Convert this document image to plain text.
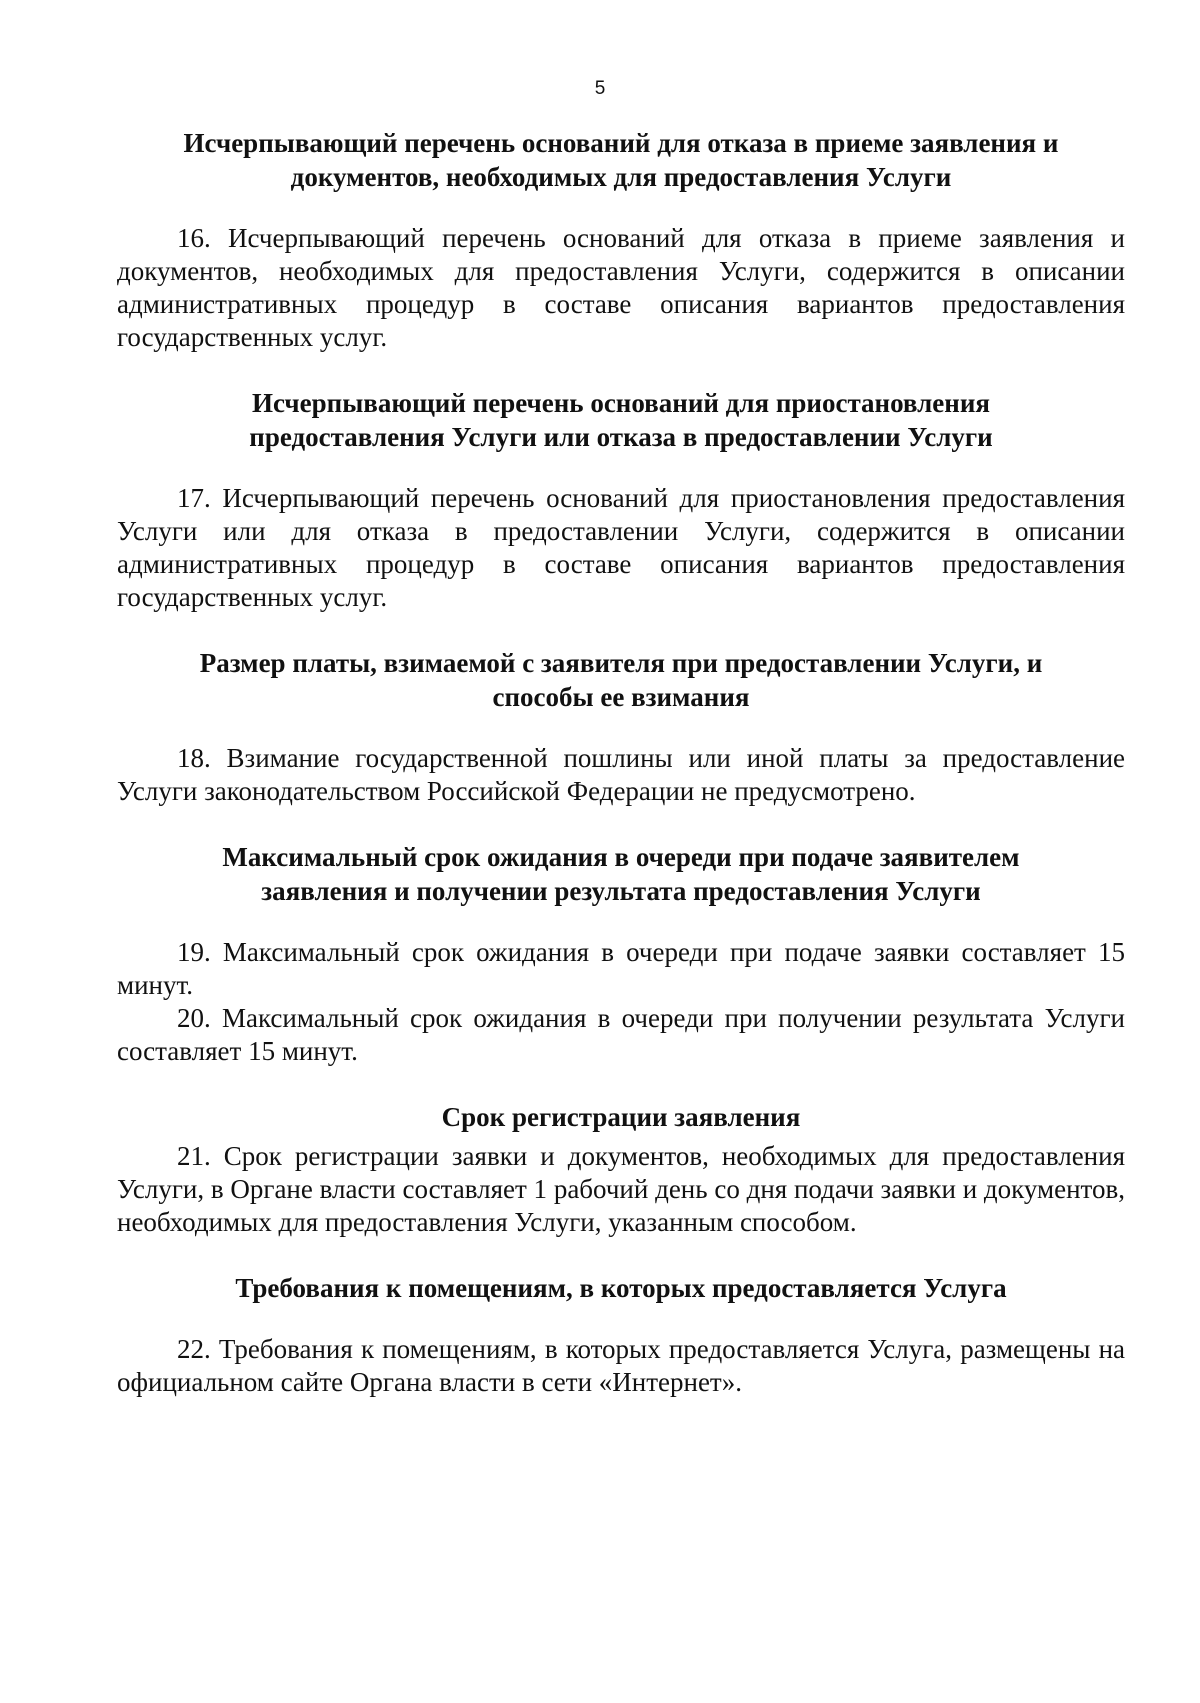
5
Исчерпывающий перечень оснований для отказа в приеме заявления и
документов, необходимых для предоставления Услуги

16. Исчерпывающий перечень оснований для отказа в приеме заявления и документов, необходимых для предоставления Услуги, содержится в описании административных процедур в составе описания вариантов предоставления государственных услуг.

Исчерпывающий перечень оснований для приостановления
предоставления Услуги или отказа в предоставлении Услуги

17. Исчерпывающий перечень оснований для приостановления предоставления Услуги или для отказа в предоставлении Услуги, содержится в описании административных процедур в составе описания вариантов предоставления государственных услуг.

Размер платы, взимаемой с заявителя при предоставлении Услуги, и
способы ее взимания

18. Взимание государственной пошлины или иной платы за предоставление Услуги законодательством Российской Федерации не предусмотрено.

Максимальный срок ожидания в очереди при подаче заявителем
заявления и получении результата предоставления Услуги

19. Максимальный срок ожидания в очереди при подаче заявки составляет 15 минут.

20. Максимальный срок ожидания в очереди при получении результата Услуги составляет 15 минут.

Срок регистрации заявления

21. Срок регистрации заявки и документов, необходимых для предоставления Услуги, в Органе власти составляет 1 рабочий день со дня подачи заявки и документов, необходимых для предоставления Услуги, указанным способом.

Требования к помещениям, в которых предоставляется Услуга

22. Требования к помещениям, в которых предоставляется Услуга, размещены на официальном сайте Органа власти в сети «Интернет».
